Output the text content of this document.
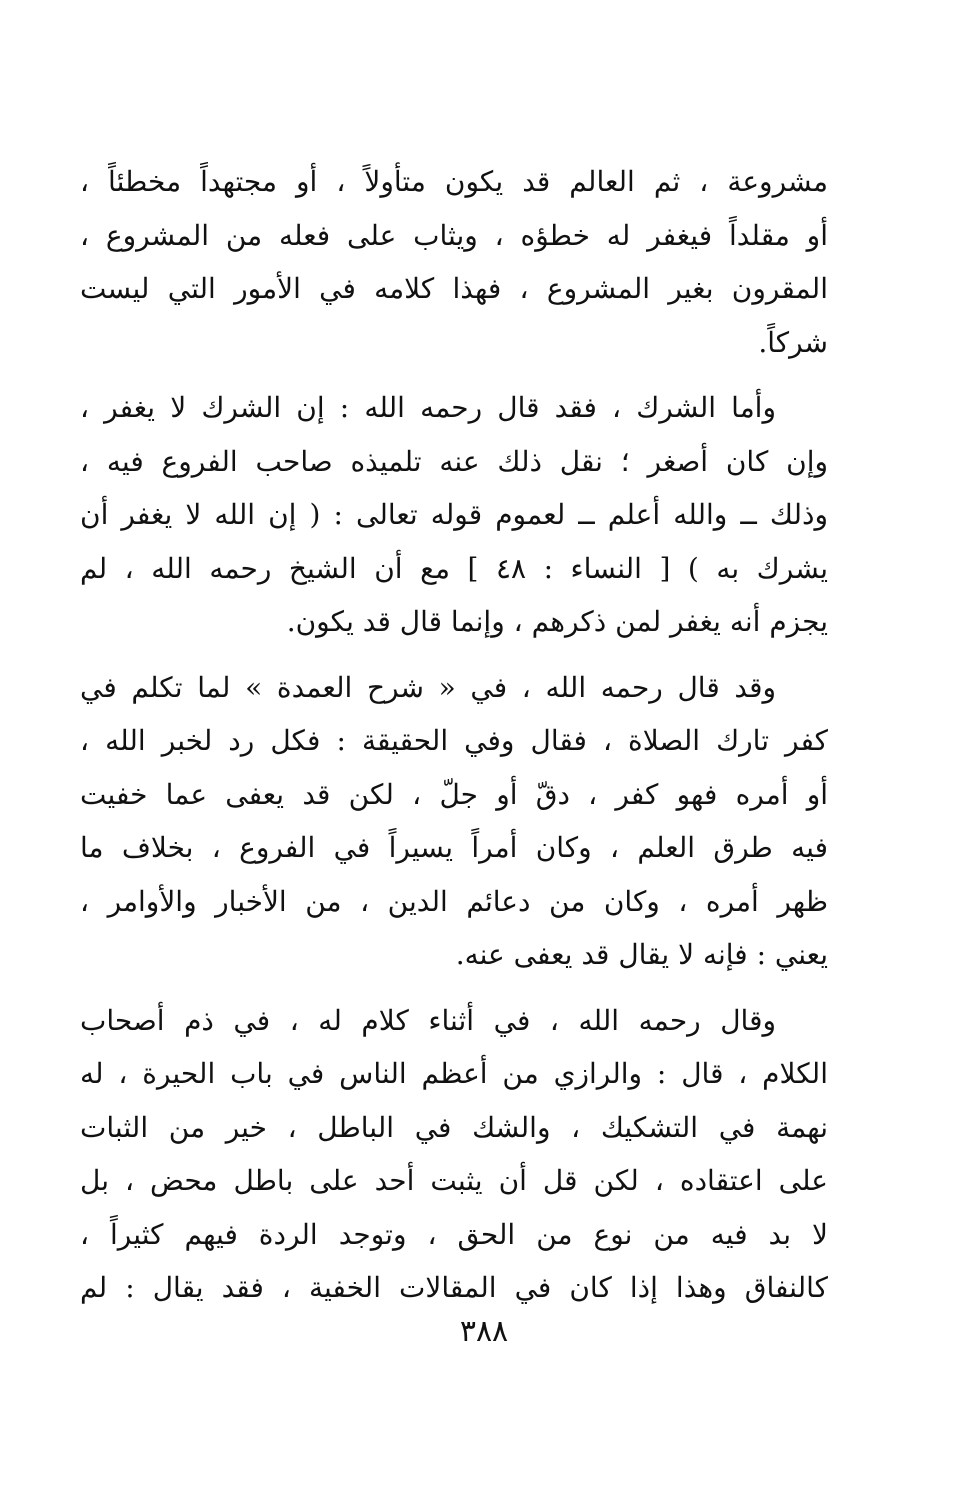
مشروعة ، ثم العالم قد يكون متأولاً ، أو مجتهداً مخطئاً ،
أو مقلداً فيغفر له خطؤه ، ويثاب على فعله من المشروع ،
المقرون بغير المشروع ، فهذا كلامه في الأمور التي ليست
شركاً.
وأما الشرك ، فقد قال رحمه الله : إن الشرك لا يغفر ،
وإن كان أصغر ؛ نقل ذلك عنه تلميذه صاحب الفروع فيه ،
وذلك ــ والله أعلم ــ لعموم قوله تعالى : ( إن الله لا يغفر أن
يشرك به ) [ النساء : ٤٨ ] مع أن الشيخ رحمه الله ، لم
يجزم أنه يغفر لمن ذكرهم ، وإنما قال قد يكون.
وقد قال رحمه الله ، في « شرح العمدة » لما تكلم في
كفر تارك الصلاة ، فقال وفي الحقيقة : فكل رد لخبر الله ،
أو أمره فهو كفر ، دقّ أو جلّ ، لكن قد يعفى عما خفيت
فيه طرق العلم ، وكان أمراً يسيراً في الفروع ، بخلاف ما
ظهر أمره ، وكان من دعائم الدين ، من الأخبار والأوامر ،
يعني : فإنه لا يقال قد يعفى عنه.
وقال رحمه الله ، في أثناء كلام له ، في ذم أصحاب
الكلام ، قال : والرازي من أعظم الناس في باب الحيرة ، له
نهمة في التشكيك ، والشك في الباطل ، خير من الثبات
على اعتقاده ، لكن قل أن يثبت أحد على باطل محض ، بل
لا بد فيه من نوع من الحق ، وتوجد الردة فيهم كثيراً ،
كالنفاق وهذا إذا كان في المقالات الخفية ، فقد يقال : لم
٣٨٨
